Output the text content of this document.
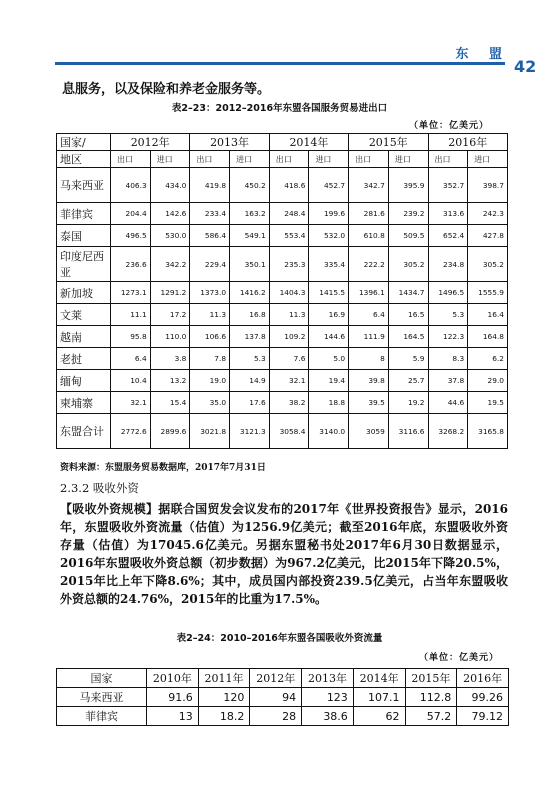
东 盟
42
息服务，以及保险和养老金服务等。
表2–23：2012–2016年东盟各国服务贸易进出口
（单位：亿美元）
国家/	2012年		2013年		2014年		2015年		2016年	
地区	出口	进口	出口	进口	出口	进口	出口	进口	出口	进口
马来西亚	406.3	434.0	419.8	450.2	418.6	452.7	342.7	395.9	352.7	398.7
菲律宾	204.4	142.6	233.4	163.2	248.4	199.6	281.6	239.2	313.6	242.3
泰国	496.5	530.0	586.4	549.1	553.4	532.0	610.8	509.5	652.4	427.8
印度尼西亚	236.6	342.2	229.4	350.1	235.3	335.4	222.2	305.2	234.8	305.2
新加坡	1273.1	1291.2	1373.0	1416.2	1404.3	1415.5	1396.1	1434.7	1496.5	1555.9
文莱	11.1	17.2	11.3	16.8	11.3	16.9	6.4	16.5	5.3	16.4
越南	95.8	110.0	106.6	137.8	109.2	144.6	111.9	164.5	122.3	164.8
老挝	6.4	3.8	7.8	5.3	7.6	5.0	8	5.9	8.3	6.2
缅甸	10.4	13.2	19.0	14.9	32.1	19.4	39.8	25.7	37.8	29.0
柬埔寨	32.1	15.4	35.0	17.6	38.2	18.8	39.5	19.2	44.6	19.5
东盟合计	2772.6	2899.6	3021.8	3121.3	3058.4	3140.0	3059	3116.6	3268.2	3165.8
资料来源：东盟服务贸易数据库，2017年7月31日
2.3.2 吸收外资
【吸收外资规模】据联合国贸发会议发布的2017年《世界投资报告》显示，2016年，东盟吸收外资流量（估值）为1256.9亿美元；截至2016年底，东盟吸收外资存量（估值）为17045.6亿美元。另据东盟秘书处2017年6月30日数据显示，2016年东盟吸收外资总额（初步数据）为967.2亿美元，比2015年下降20.5%，2015年比上年下降8.6%；其中，成员国内部投资239.5亿美元，占当年东盟吸收外资总额的24.76%，2015年的比重为17.5%。
表2–24：2010–2016年东盟各国吸收外资流量
（单位：亿美元）
国家	2010年	2011年	2012年	2013年	2014年	2015年	2016年
马来西亚	91.6	120	94	123	107.1	112.8	99.26
菲律宾	13	18.2	28	38.6	62	57.2	79.12
